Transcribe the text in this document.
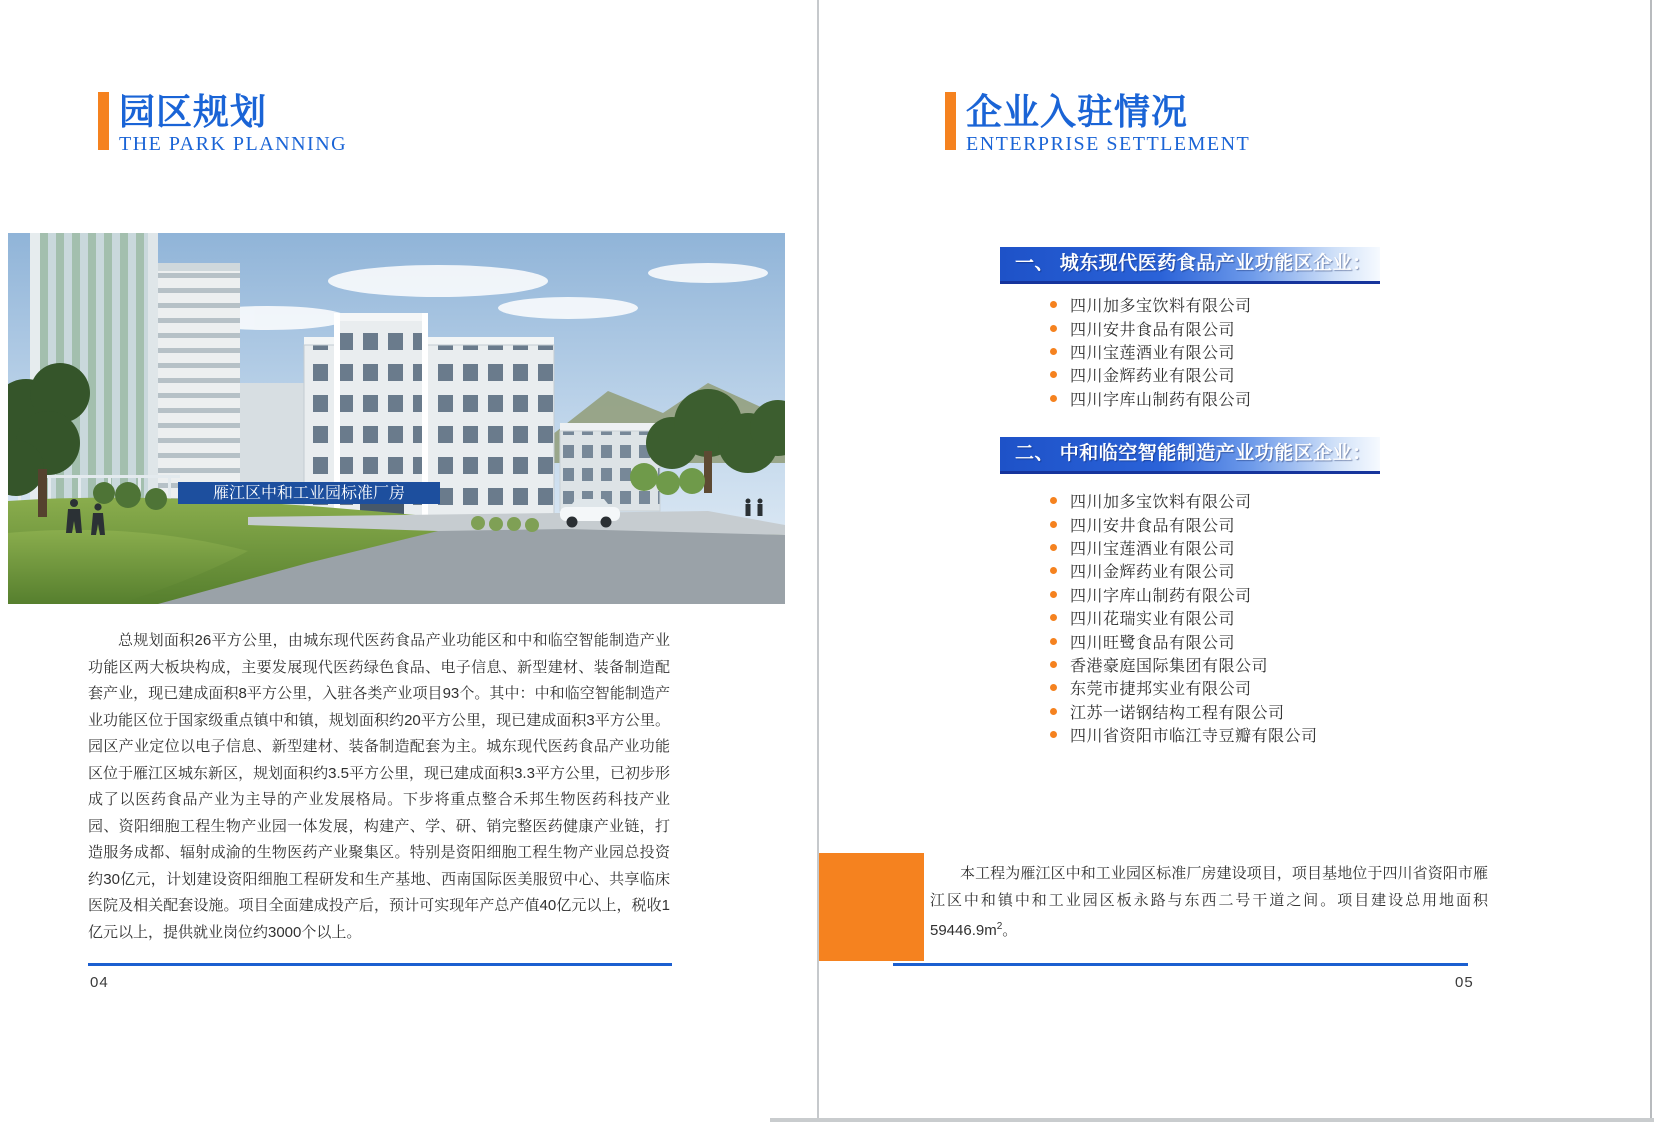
园区规划
THE PARK PLANNING
雁江区中和工业园标准厂房

总规划面积26平方公里，由城东现代医药食品产业功能区和中和临空智能制造产业功能区两大板块构成，主要发展现代医药绿色食品、电子信息、新型建材、装备制造配套产业，现已建成面积8平方公里，入驻各类产业项目93个。其中：中和临空智能制造产业功能区位于国家级重点镇中和镇，规划面积约20平方公里，现已建成面积3平方公里。园区产业定位以电子信息、新型建材、装备制造配套为主。城东现代医药食品产业功能区位于雁江区城东新区，规划面积约3.5平方公里，现已建成面积3.3平方公里，已初步形成了以医药食品产业为主导的产业发展格局。下步将重点整合禾邦生物医药科技产业园、资阳细胞工程生物产业园一体发展，构建产、学、研、销完整医药健康产业链，打造服务成都、辐射成渝的生物医药产业聚集区。特别是资阳细胞工程生物产业园总投资约30亿元，计划建设资阳细胞工程研发和生产基地、西南国际医美服贸中心、共享临床医院及相关配套设施。项目全面建成投产后，预计可实现年产总产值40亿元以上，税收1亿元以上，提供就业岗位约3000个以上。

04
企业入驻情况
ENTERPRISE SETTLEMENT
一、 城东现代医药食品产业功能区企业：
四川加多宝饮料有限公司
四川安井食品有限公司
四川宝莲酒业有限公司
四川金辉药业有限公司
四川字库山制药有限公司
二、 中和临空智能制造产业功能区企业：
四川加多宝饮料有限公司
四川安井食品有限公司
四川宝莲酒业有限公司
四川金辉药业有限公司
四川字库山制药有限公司
四川花瑞实业有限公司
四川旺鹭食品有限公司
香港豪庭国际集团有限公司
东莞市捷邦实业有限公司
江苏一诺钢结构工程有限公司
四川省资阳市临江寺豆瓣有限公司

本工程为雁江区中和工业园区标准厂房建设项目，项目基地位于四川省资阳市雁江区中和镇中和工业园区板永路与东西二号干道之间。项目建设总用地面积$59446.9m^2$。

05
